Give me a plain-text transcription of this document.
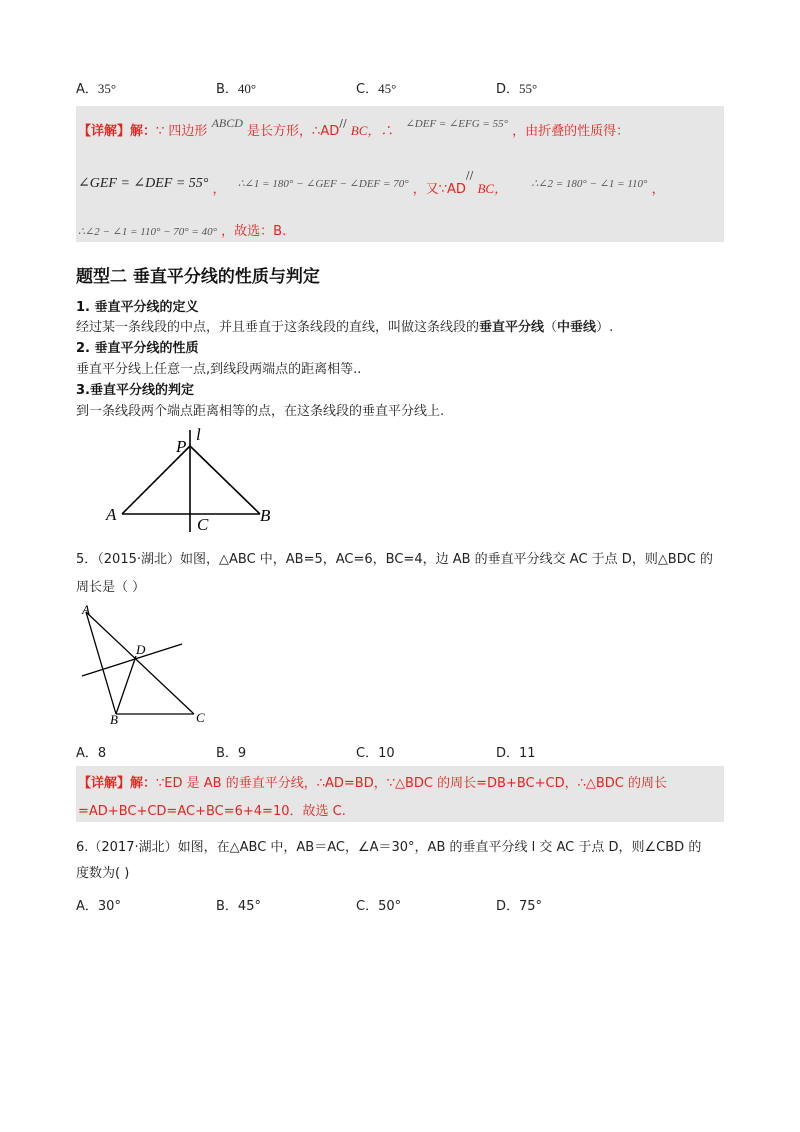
A．35°	B．40°	C．45°	D．55°
【详解】解：∵ 四边形 ABCD 是长方形，∴AD// BC，∴ $^{\angle DEF = \angle EFG = 55^\circ}$ ，由折叠的性质得：
∠GEF = ∠DEF = 55° ， ∴∠1 = 180° − ∠GEF − ∠DEF = 70° ，又∵AD// BC， ∴∠2 = 180° − ∠1 = 110° ，
∴∠2 − ∠1 = 110° − 70° = 40° ，故选：B.
题型二 垂直平分线的性质与判定
1. 垂直平分线的定义
经过某一条线段的中点，并且垂直于这条线段的直线，叫做这条线段的垂直平分线（中垂线）.
2. 垂直平分线的性质
垂直平分线上任意一点,到线段两端点的距离相等..
3.垂直平分线的判定
到一条线段两个端点距离相等的点，在这条线段的垂直平分线上.
P
l
A	B
C
5．（2015·湖北）如图，△ABC 中，AB=5，AC=6，BC=4，边 AB 的垂直平分线交 AC 于点 D，则△BDC 的
周长是（ ）
A
D
B	C
A．8	B．9	C．10	D．11
【详解】解：∵ED 是 AB 的垂直平分线，∴AD=BD，∵△BDC 的周长=DB+BC+CD，∴△BDC 的周长
=AD+BC+CD=AC+BC=6+4=10．故选 C.
6.（2017·湖北）如图，在△ABC 中，AB＝AC，∠A＝30°，AB 的垂直平分线 l 交 AC 于点 D，则∠CBD 的
度数为( )
A．30°	B．45°	C．50°	D．75°
